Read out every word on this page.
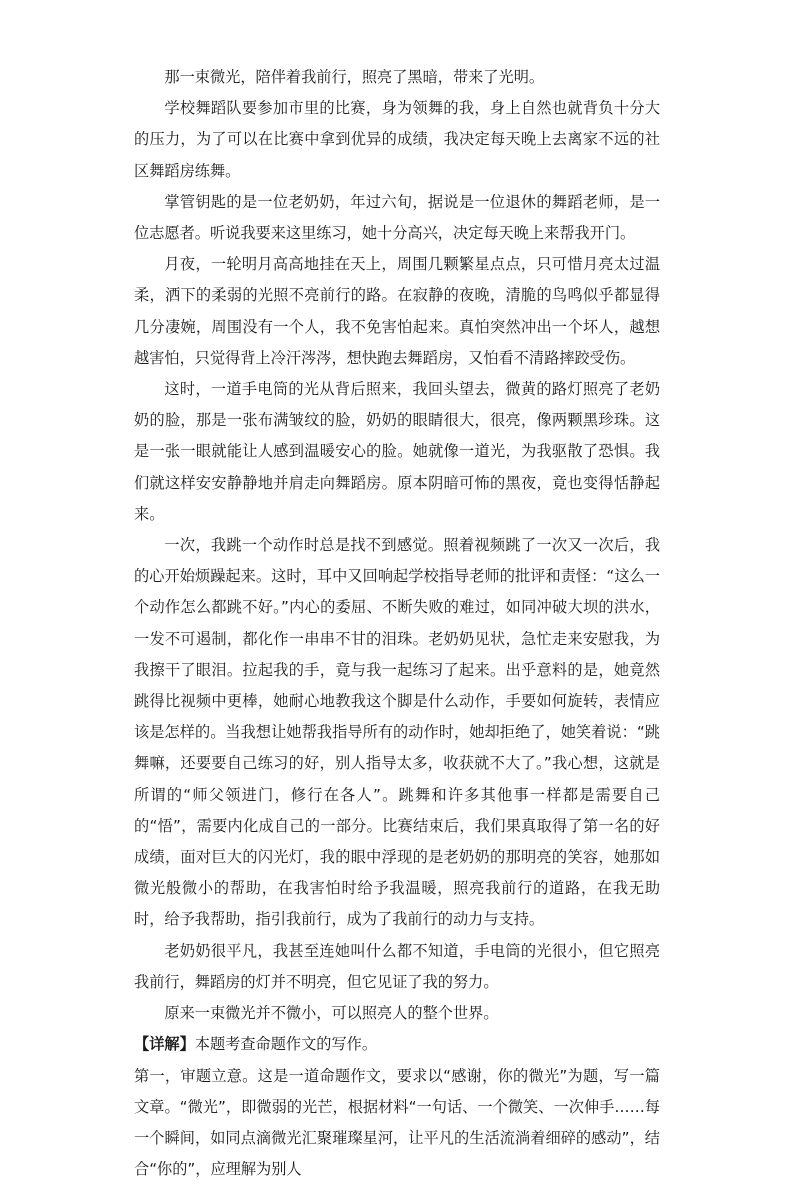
那一束微光，陪伴着我前行，照亮了黑暗，带来了光明。

学校舞蹈队要参加市里的比赛，身为领舞的我，身上自然也就背负十分大的压力，为了可以在比赛中拿到优异的成绩，我决定每天晚上去离家不远的社区舞蹈房练舞。

掌管钥匙的是一位老奶奶，年过六旬，据说是一位退休的舞蹈老师，是一位志愿者。听说我要来这里练习，她十分高兴，决定每天晚上来帮我开门。

月夜，一轮明月高高地挂在天上，周围几颗繁星点点，只可惜月亮太过温柔，洒下的柔弱的光照不亮前行的路。在寂静的夜晚，清脆的鸟鸣似乎都显得几分凄婉，周围没有一个人，我不免害怕起来。真怕突然冲出一个坏人，越想越害怕，只觉得背上冷汗涔涔，想快跑去舞蹈房，又怕看不清路摔跤受伤。

这时，一道手电筒的光从背后照来，我回头望去，微黄的路灯照亮了老奶奶的脸，那是一张布满皱纹的脸，奶奶的眼睛很大，很亮，像两颗黑珍珠。这是一张一眼就能让人感到温暖安心的脸。她就像一道光，为我驱散了恐惧。我们就这样安安静静地并肩走向舞蹈房。原本阴暗可怖的黑夜，竟也变得恬静起来。

一次，我跳一个动作时总是找不到感觉。照着视频跳了一次又一次后，我的心开始烦躁起来。这时，耳中又回响起学校指导老师的批评和责怪：“这么一个动作怎么都跳不好。”内心的委屈、不断失败的难过，如同冲破大坝的洪水，一发不可遏制，都化作一串串不甘的泪珠。老奶奶见状，急忙走来安慰我，为我擦干了眼泪。拉起我的手，竟与我一起练习了起来。出乎意料的是，她竟然跳得比视频中更棒，她耐心地教我这个脚是什么动作，手要如何旋转，表情应该是怎样的。当我想让她帮我指导所有的动作时，她却拒绝了，她笑着说：“跳舞嘛，还要要自己练习的好，别人指导太多，收获就不大了。”我心想，这就是所谓的“师父领进门，修行在各人”。跳舞和许多其他事一样都是需要自己的“悟”，需要内化成自己的一部分。比赛结束后，我们果真取得了第一名的好成绩，面对巨大的闪光灯，我的眼中浮现的是老奶奶的那明亮的笑容，她那如微光般微小的帮助，在我害怕时给予我温暖，照亮我前行的道路，在我无助时，给予我帮助，指引我前行，成为了我前行的动力与支持。

老奶奶很平凡，我甚至连她叫什么都不知道，手电筒的光很小，但它照亮我前行，舞蹈房的灯并不明亮，但它见证了我的努力。

原来一束微光并不微小，可以照亮人的整个世界。

【详解】本题考查命题作文的写作。

第一，审题立意。这是一道命题作文，要求以“感谢，你的微光”为题，写一篇文章。“微光”，即微弱的光芒，根据材料“一句话、一个微笑、一次伸手……每一个瞬间，如同点滴微光汇聚璀璨星河，让平凡的生活流淌着细碎的感动”，结合“你的”，应理解为别人
